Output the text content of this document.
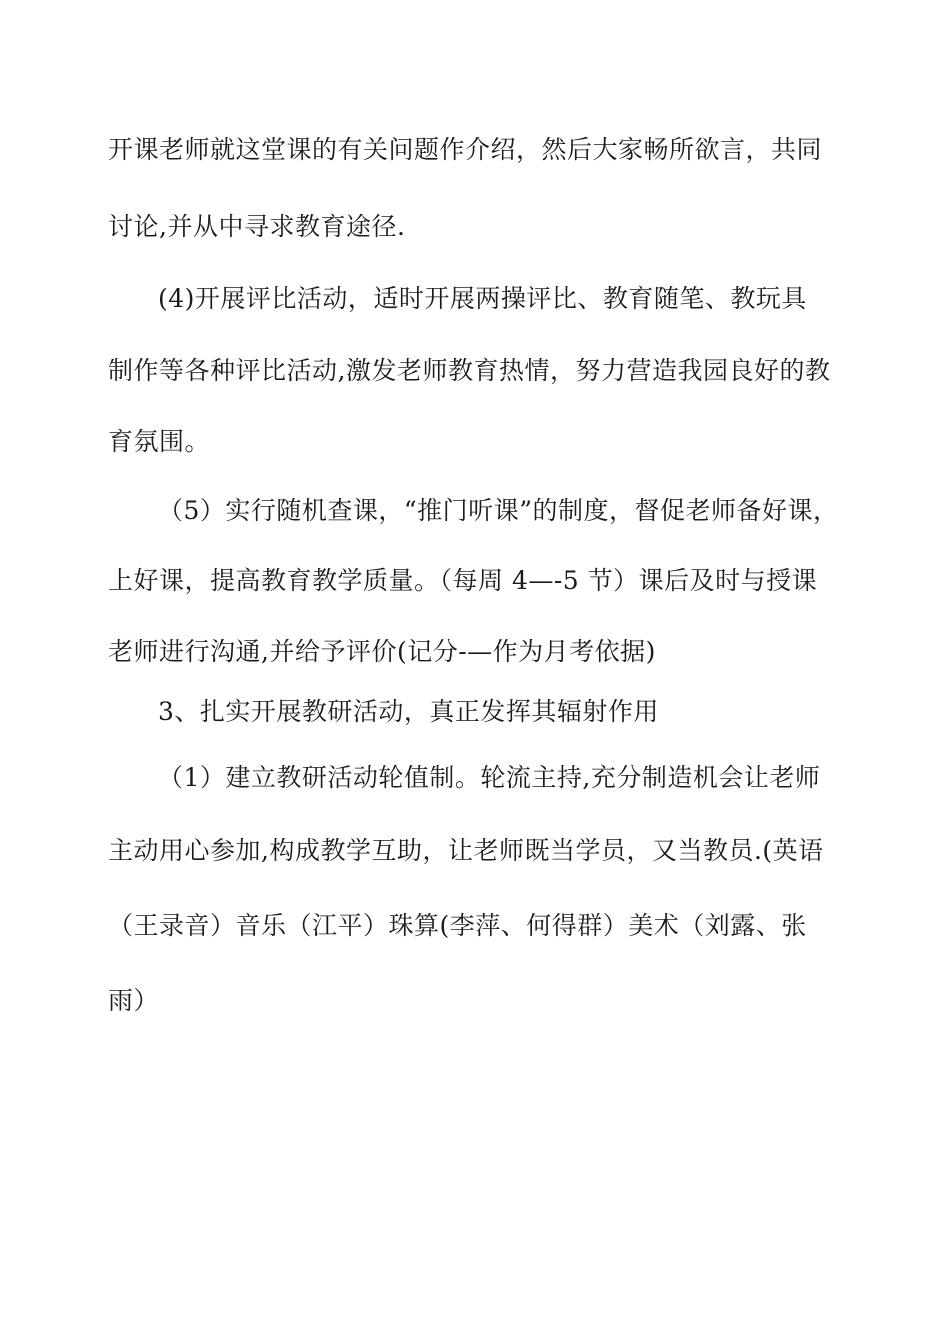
开课老师就这堂课的有关问题作介绍，然后大家畅所欲言，共同
讨论,并从中寻求教育途径.
(4)开展评比活动，适时开展两操评比、教育随笔、教玩具
制作等各种评比活动,激发老师教育热情，努力营造我园良好的教
育氛围。
（5）实行随机查课，“推门听课”的制度，督促老师备好课，
上好课，提高教育教学质量。（每周 4—-5 节）课后及时与授课
老师进行沟通,并给予评价(记分-—作为月考依据)
3、扎实开展教研活动，真正发挥其辐射作用
（1）建立教研活动轮值制。轮流主持,充分制造机会让老师
主动用心参加,构成教学互助，让老师既当学员，又当教员.(英语
（王录音）音乐（江平）珠算(李萍、何得群）美术（刘露、张
雨）
